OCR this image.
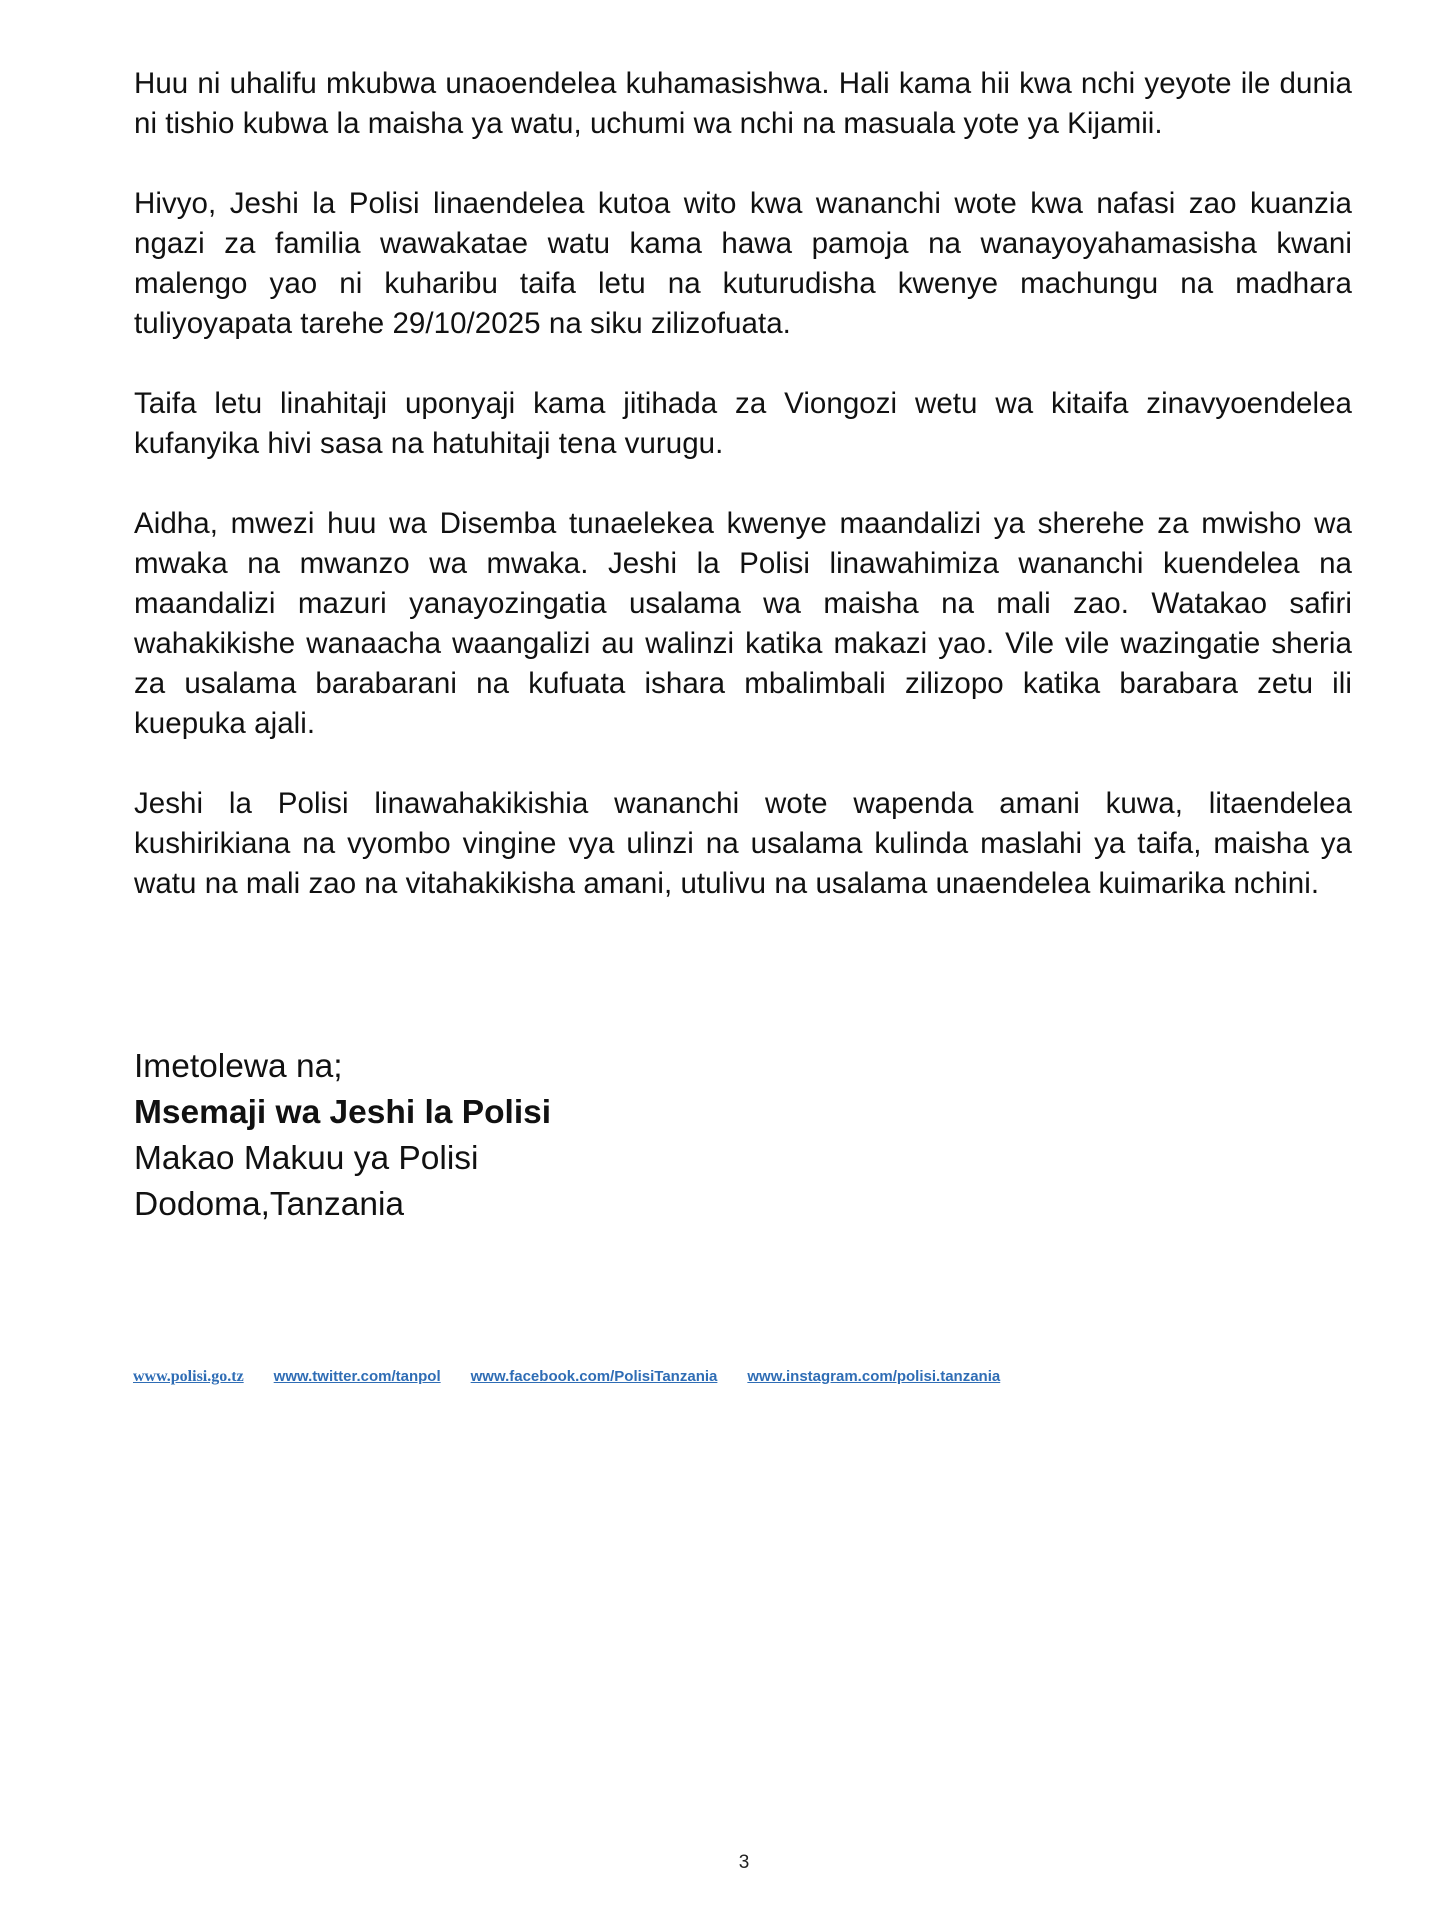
Huu ni uhalifu mkubwa unaoendelea kuhamasishwa. Hali kama hii kwa nchi yeyote ile dunia ni tishio kubwa la maisha ya watu, uchumi wa nchi na masuala yote ya Kijamii.

Hivyo, Jeshi la Polisi linaendelea kutoa wito kwa wananchi wote kwa nafasi zao kuanzia ngazi za familia wawakatae watu kama hawa pamoja na wanayoyahamasisha kwani malengo yao ni kuharibu taifa letu na kuturudisha kwenye machungu na madhara tuliyoyapata tarehe 29/10/2025 na siku zilizofuata.

Taifa letu linahitaji uponyaji kama jitihada za Viongozi wetu wa kitaifa zinavyoendelea kufanyika hivi sasa na hatuhitaji tena vurugu.

Aidha, mwezi huu wa Disemba tunaelekea kwenye maandalizi ya sherehe za mwisho wa mwaka na mwanzo wa mwaka. Jeshi la Polisi linawahimiza wananchi kuendelea na maandalizi mazuri yanayozingatia usalama wa maisha na mali zao. Watakao safiri wahakikishe wanaacha waangalizi au walinzi katika makazi yao. Vile vile wazingatie sheria za usalama barabarani na kufuata ishara mbalimbali zilizopo katika barabara zetu ili kuepuka ajali.

Jeshi la Polisi linawahakikishia wananchi wote wapenda amani kuwa, litaendelea kushirikiana na vyombo vingine vya ulinzi na usalama kulinda maslahi ya taifa, maisha ya watu na mali zao na vitahakikisha amani, utulivu na usalama unaendelea kuimarika nchini.

Imetolewa na;

Msemaji wa Jeshi la Polisi

Makao Makuu ya Polisi

Dodoma,Tanzania

www.polisi.go.tz www.twitter.com/tanpol www.facebook.com/PolisiTanzania www.instagram.com/polisi.tanzania
3
